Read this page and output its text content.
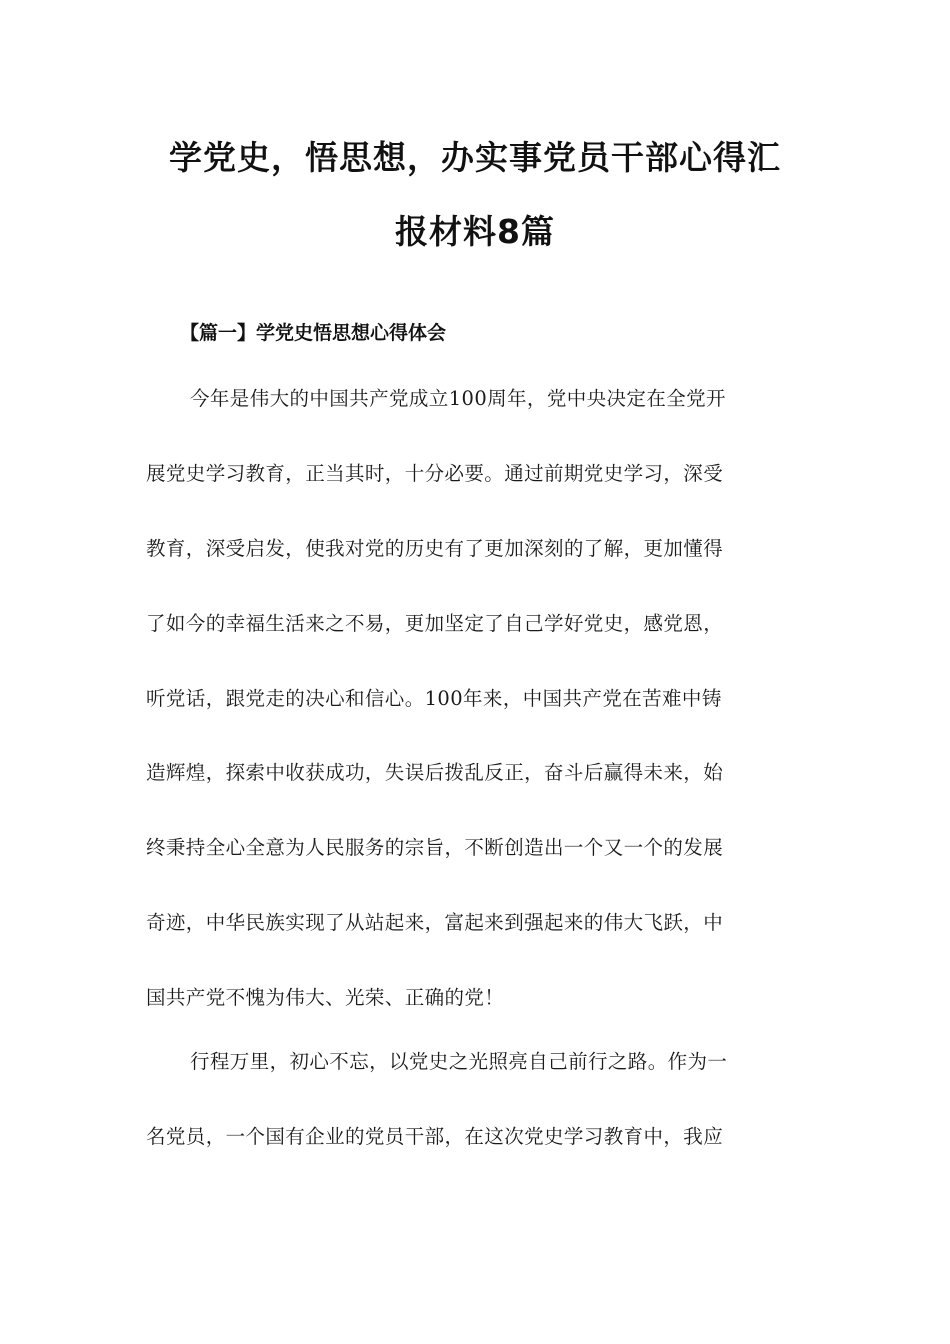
学党史，悟思想，办实事党员干部心得汇
报材料8篇
【篇一】学党史悟思想心得体会
今年是伟大的中国共产党成立100周年，党中央决定在全党开
展党史学习教育，正当其时，十分必要。通过前期党史学习，深受
教育，深受启发，使我对党的历史有了更加深刻的了解，更加懂得
了如今的幸福生活来之不易，更加坚定了自己学好党史，感党恩，
听党话，跟党走的决心和信心。100年来，中国共产党在苦难中铸
造辉煌，探索中收获成功，失误后拨乱反正，奋斗后赢得未来，始
终秉持全心全意为人民服务的宗旨，不断创造出一个又一个的发展
奇迹，中华民族实现了从站起来，富起来到强起来的伟大飞跃，中
国共产党不愧为伟大、光荣、正确的党！
行程万里，初心不忘，以党史之光照亮自己前行之路。作为一
名党员，一个国有企业的党员干部，在这次党史学习教育中，我应
